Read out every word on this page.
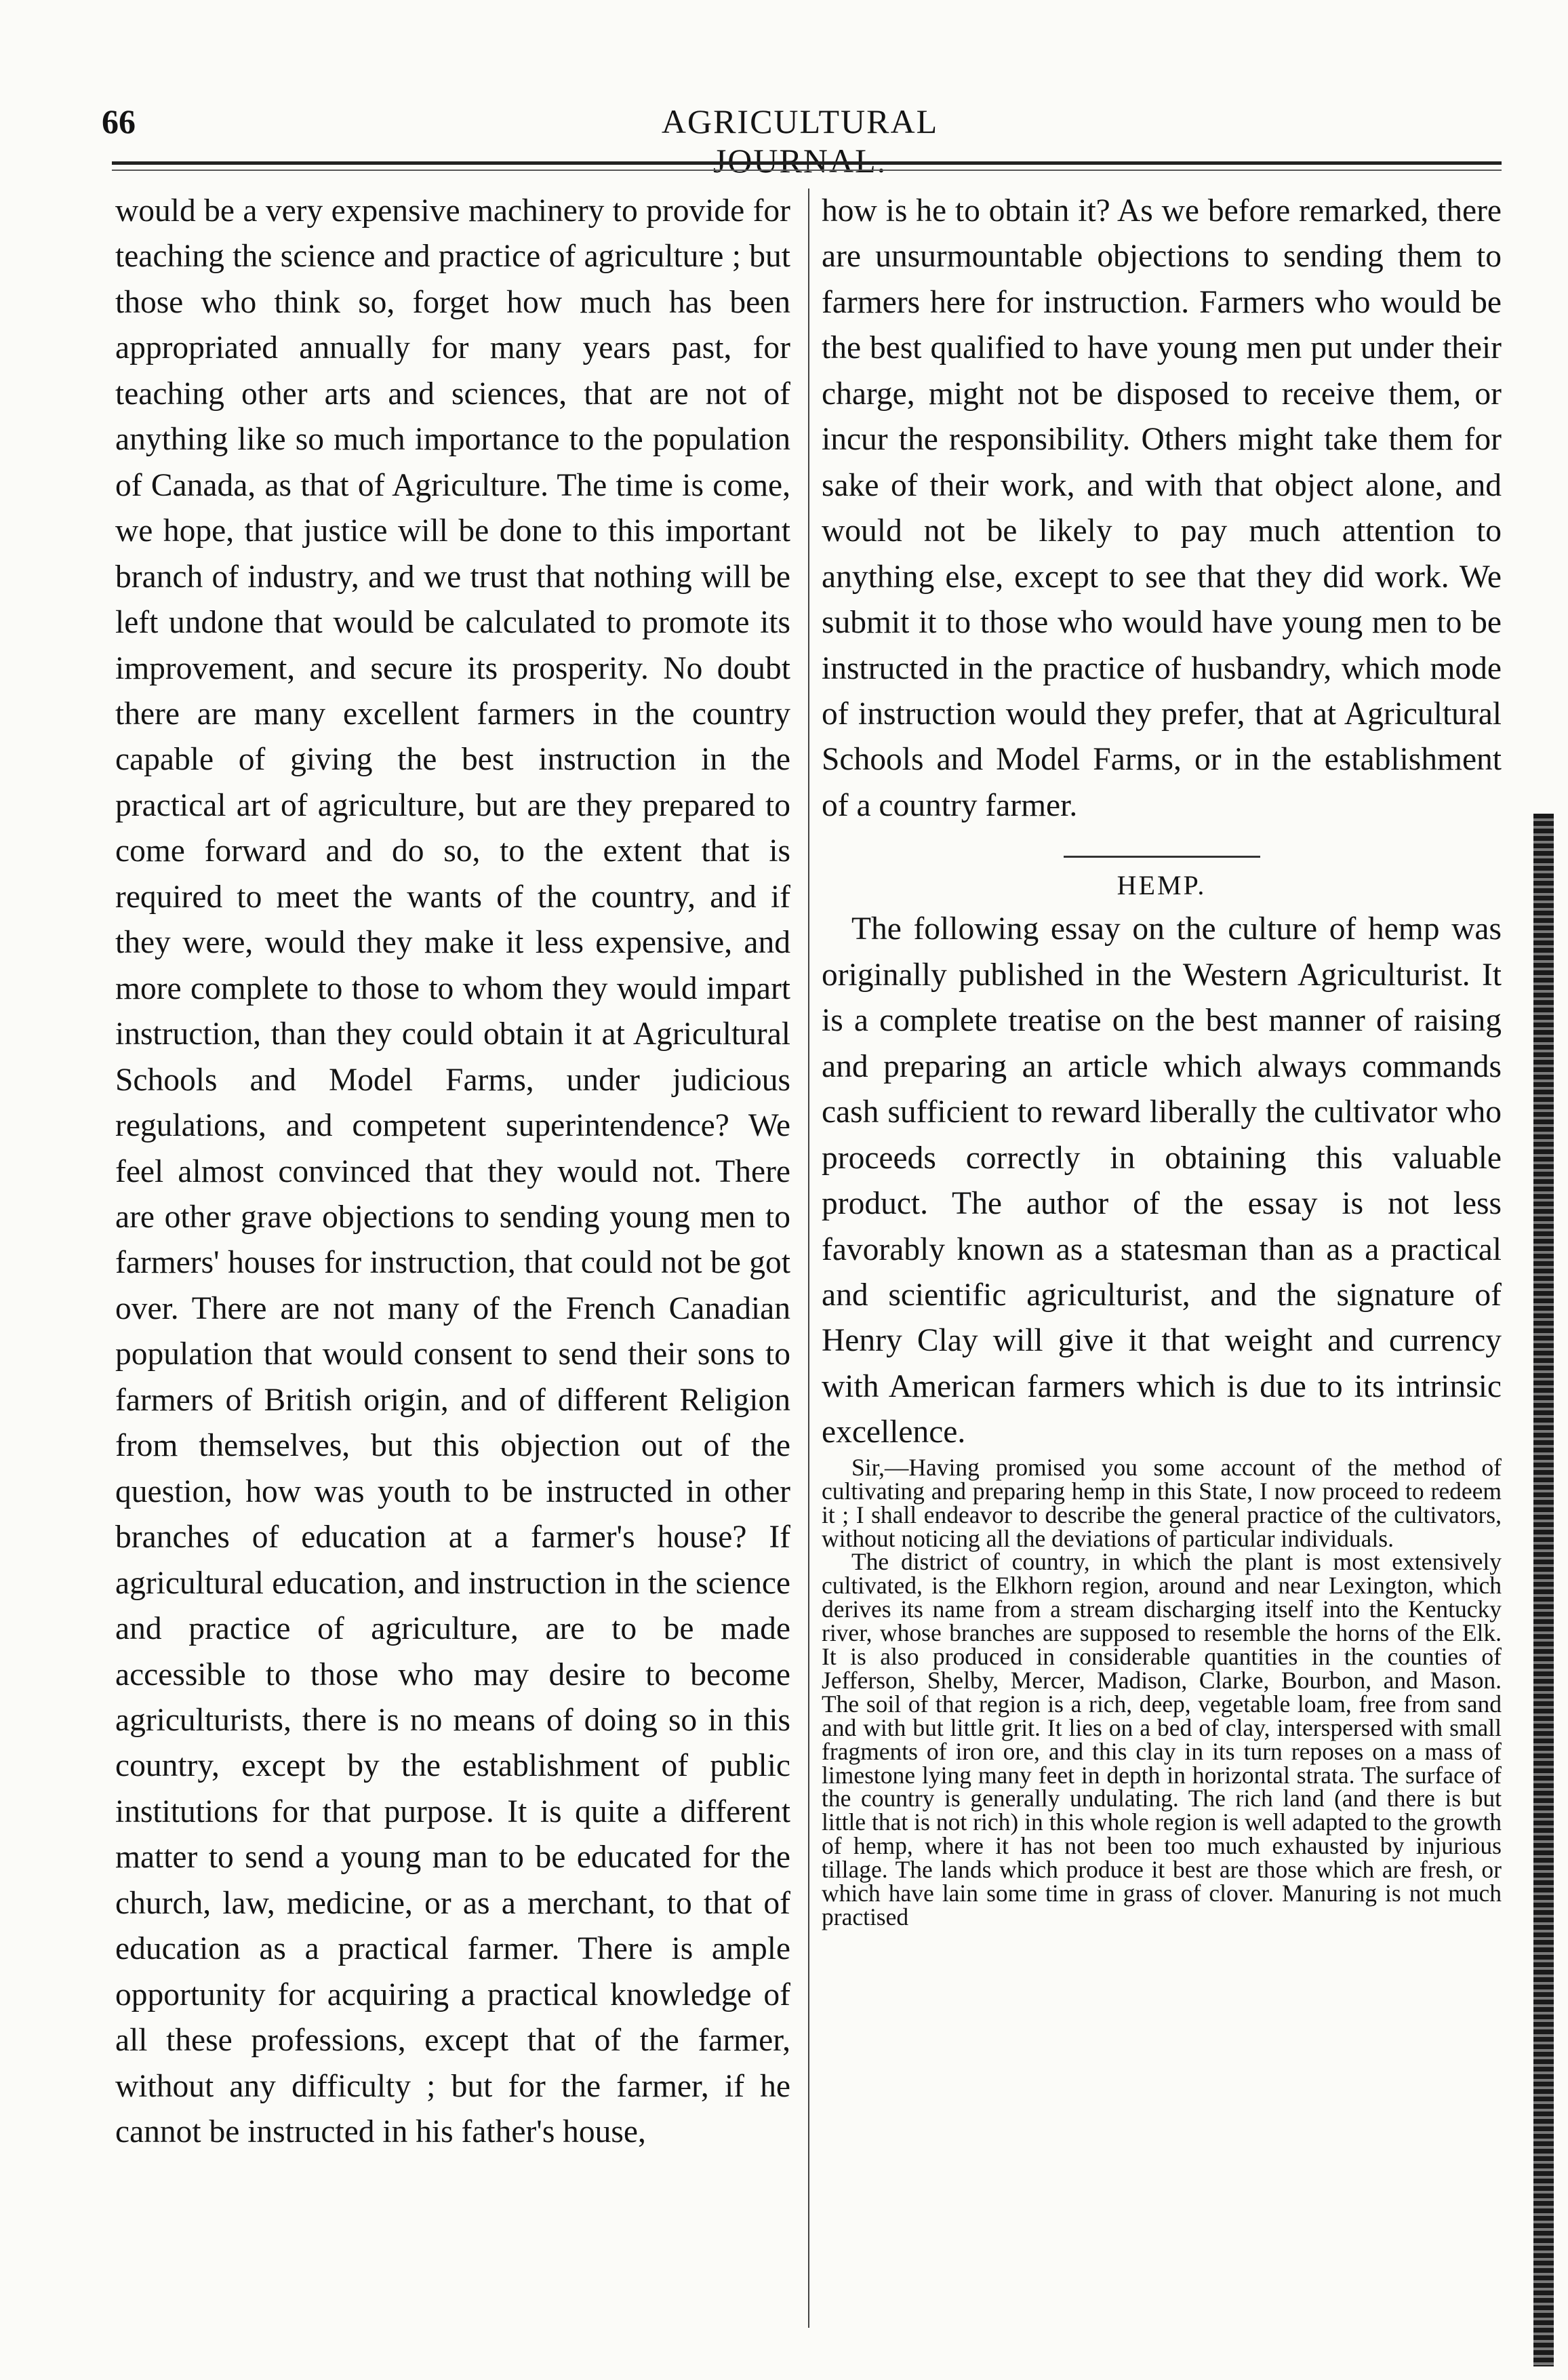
66	AGRICULTURAL JOURNAL.

would be a very expensive machinery to provide for teaching the science and practice of agriculture ; but those who think so, forget how much has been appropriated annually for many years past, for teaching other arts and sciences, that are not of anything like so much importance to the population of Canada, as that of Agriculture. The time is come, we hope, that justice will be done to this important branch of industry, and we trust that nothing will be left undone that would be calculated to promote its improvement, and secure its prosperity. No doubt there are many excellent farmers in the country capable of giving the best instruction in the practical art of agriculture, but are they prepared to come forward and do so, to the extent that is required to meet the wants of the country, and if they were, would they make it less expensive, and more complete to those to whom they would impart instruction, than they could obtain it at Agricultural Schools and Model Farms, under judicious regulations, and competent superintendence? We feel almost convinced that they would not. There are other grave objections to sending young men to farmers' houses for instruction, that could not be got over. There are not many of the French Canadian population that would consent to send their sons to farmers of British origin, and of different Religion from themselves, but this objection out of the question, how was youth to be instructed in other branches of education at a farmer's house? If agricultural education, and instruction in the science and practice of agriculture, are to be made accessible to those who may desire to become agriculturists, there is no means of doing so in this country, except by the establishment of public institutions for that purpose. It is quite a different matter to send a young man to be educated for the church, law, medicine, or as a merchant, to that of education as a practical farmer. There is ample opportunity for acquiring a practical knowledge of all these professions, except that of the farmer, without any difficulty ; but for the farmer, if he cannot be instructed in his father's house,

how is he to obtain it? As we before remarked, there are unsurmountable objections to sending them to farmers here for instruction. Farmers who would be the best qualified to have young men put under their charge, might not be disposed to receive them, or incur the responsibility. Others might take them for sake of their work, and with that object alone, and would not be likely to pay much attention to anything else, except to see that they did work. We submit it to those who would have young men to be instructed in the practice of husbandry, which mode of instruction would they prefer, that at Agricultural Schools and Model Farms, or in the establishment of a country farmer.

HEMP.

The following essay on the culture of hemp was originally published in the Western Agriculturist. It is a complete treatise on the best manner of raising and preparing an article which always commands cash sufficient to reward liberally the cultivator who proceeds correctly in obtaining this valuable product. The author of the essay is not less favorably known as a statesman than as a practical and scientific agriculturist, and the signature of Henry Clay will give it that weight and currency with American farmers which is due to its intrinsic excellence.

Sir,—Having promised you some account of the method of cultivating and preparing hemp in this State, I now proceed to redeem it ; I shall endeavor to describe the general practice of the cultivators, without noticing all the deviations of particular individuals.

The district of country, in which the plant is most extensively cultivated, is the Elkhorn region, around and near Lexington, which derives its name from a stream discharging itself into the Kentucky river, whose branches are supposed to resemble the horns of the Elk. It is also produced in considerable quantities in the counties of Jefferson, Shelby, Mercer, Madison, Clarke, Bourbon, and Mason. The soil of that region is a rich, deep, vegetable loam, free from sand and with but little grit. It lies on a bed of clay, interspersed with small fragments of iron ore, and this clay in its turn reposes on a mass of limestone lying many feet in depth in horizontal strata. The surface of the country is generally undulating. The rich land (and there is but little that is not rich) in this whole region is well adapted to the growth of hemp, where it has not been too much exhausted by injurious tillage. The lands which produce it best are those which are fresh, or which have lain some time in grass of clover. Manuring is not much practised
